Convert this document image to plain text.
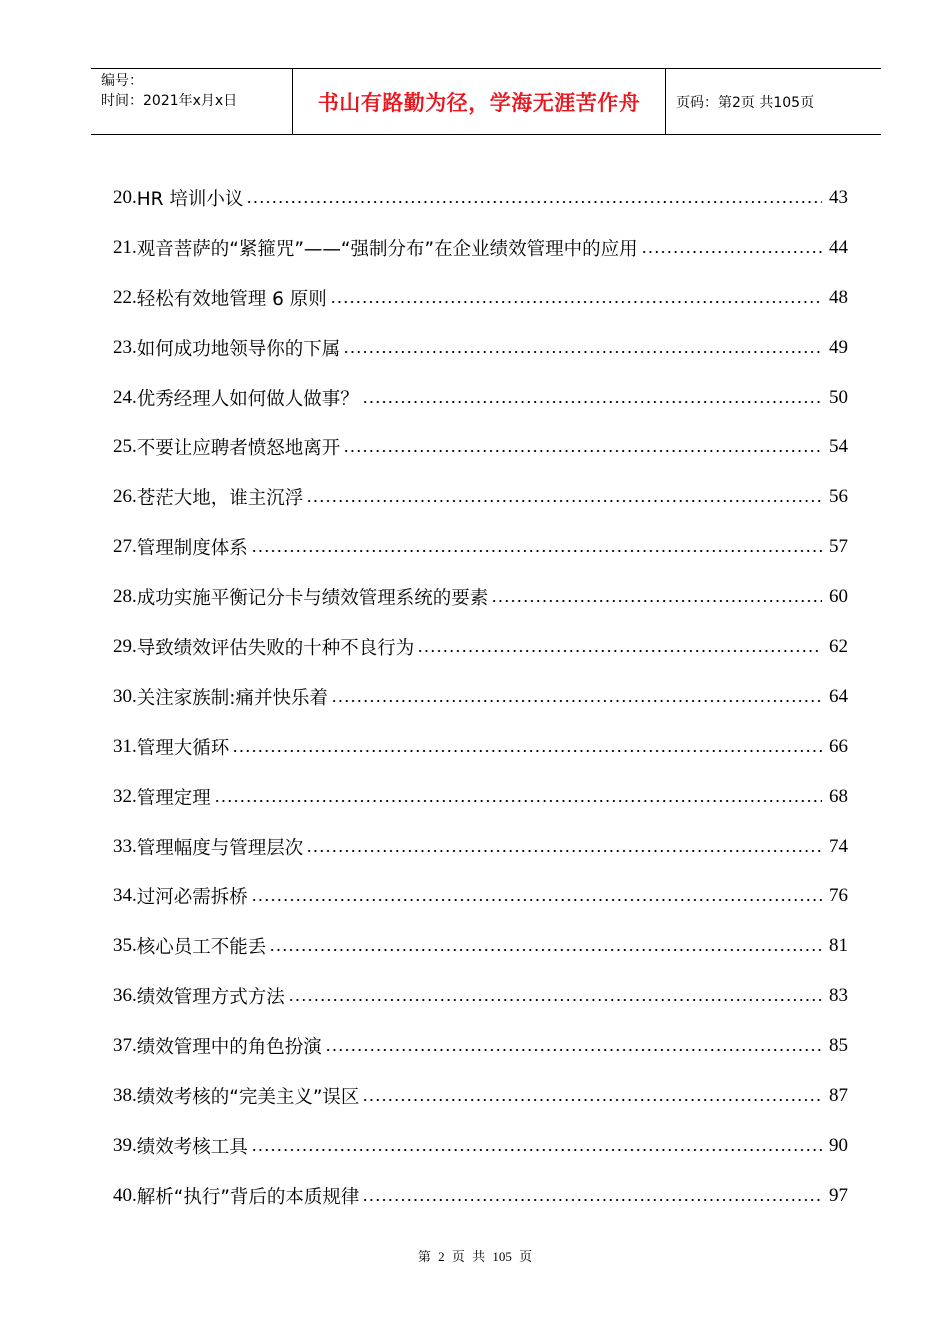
编号：
时间：2021年x月x日	书山有路勤为径，学海无涯苦作舟	页码：第2页 共105页
20. HR 培训小议	43
21. 观音菩萨的“紧箍咒”——“强制分布”在企业绩效管理中的应用	44
22. 轻松有效地管理 6 原则	48
23. 如何成功地领导你的下属	49
24. 优秀经理人如何做人做事？	50
25. 不要让应聘者愤怒地离开	54
26. 苍茫大地，谁主沉浮	56
27. 管理制度体系	57
28. 成功实施平衡记分卡与绩效管理系统的要素	60
29. 导致绩效评估失败的十种不良行为	62
30. 关注家族制:痛并快乐着	64
31. 管理大循环	66
32. 管理定理	68
33. 管理幅度与管理层次	74
34. 过河必需拆桥	76
35. 核心员工不能丢	81
36. 绩效管理方式方法	83
37. 绩效管理中的角色扮演	85
38. 绩效考核的“完美主义”误区	87
39. 绩效考核工具	90
40. 解析“执行”背后的本质规律	97
第 2 页 共 105 页
